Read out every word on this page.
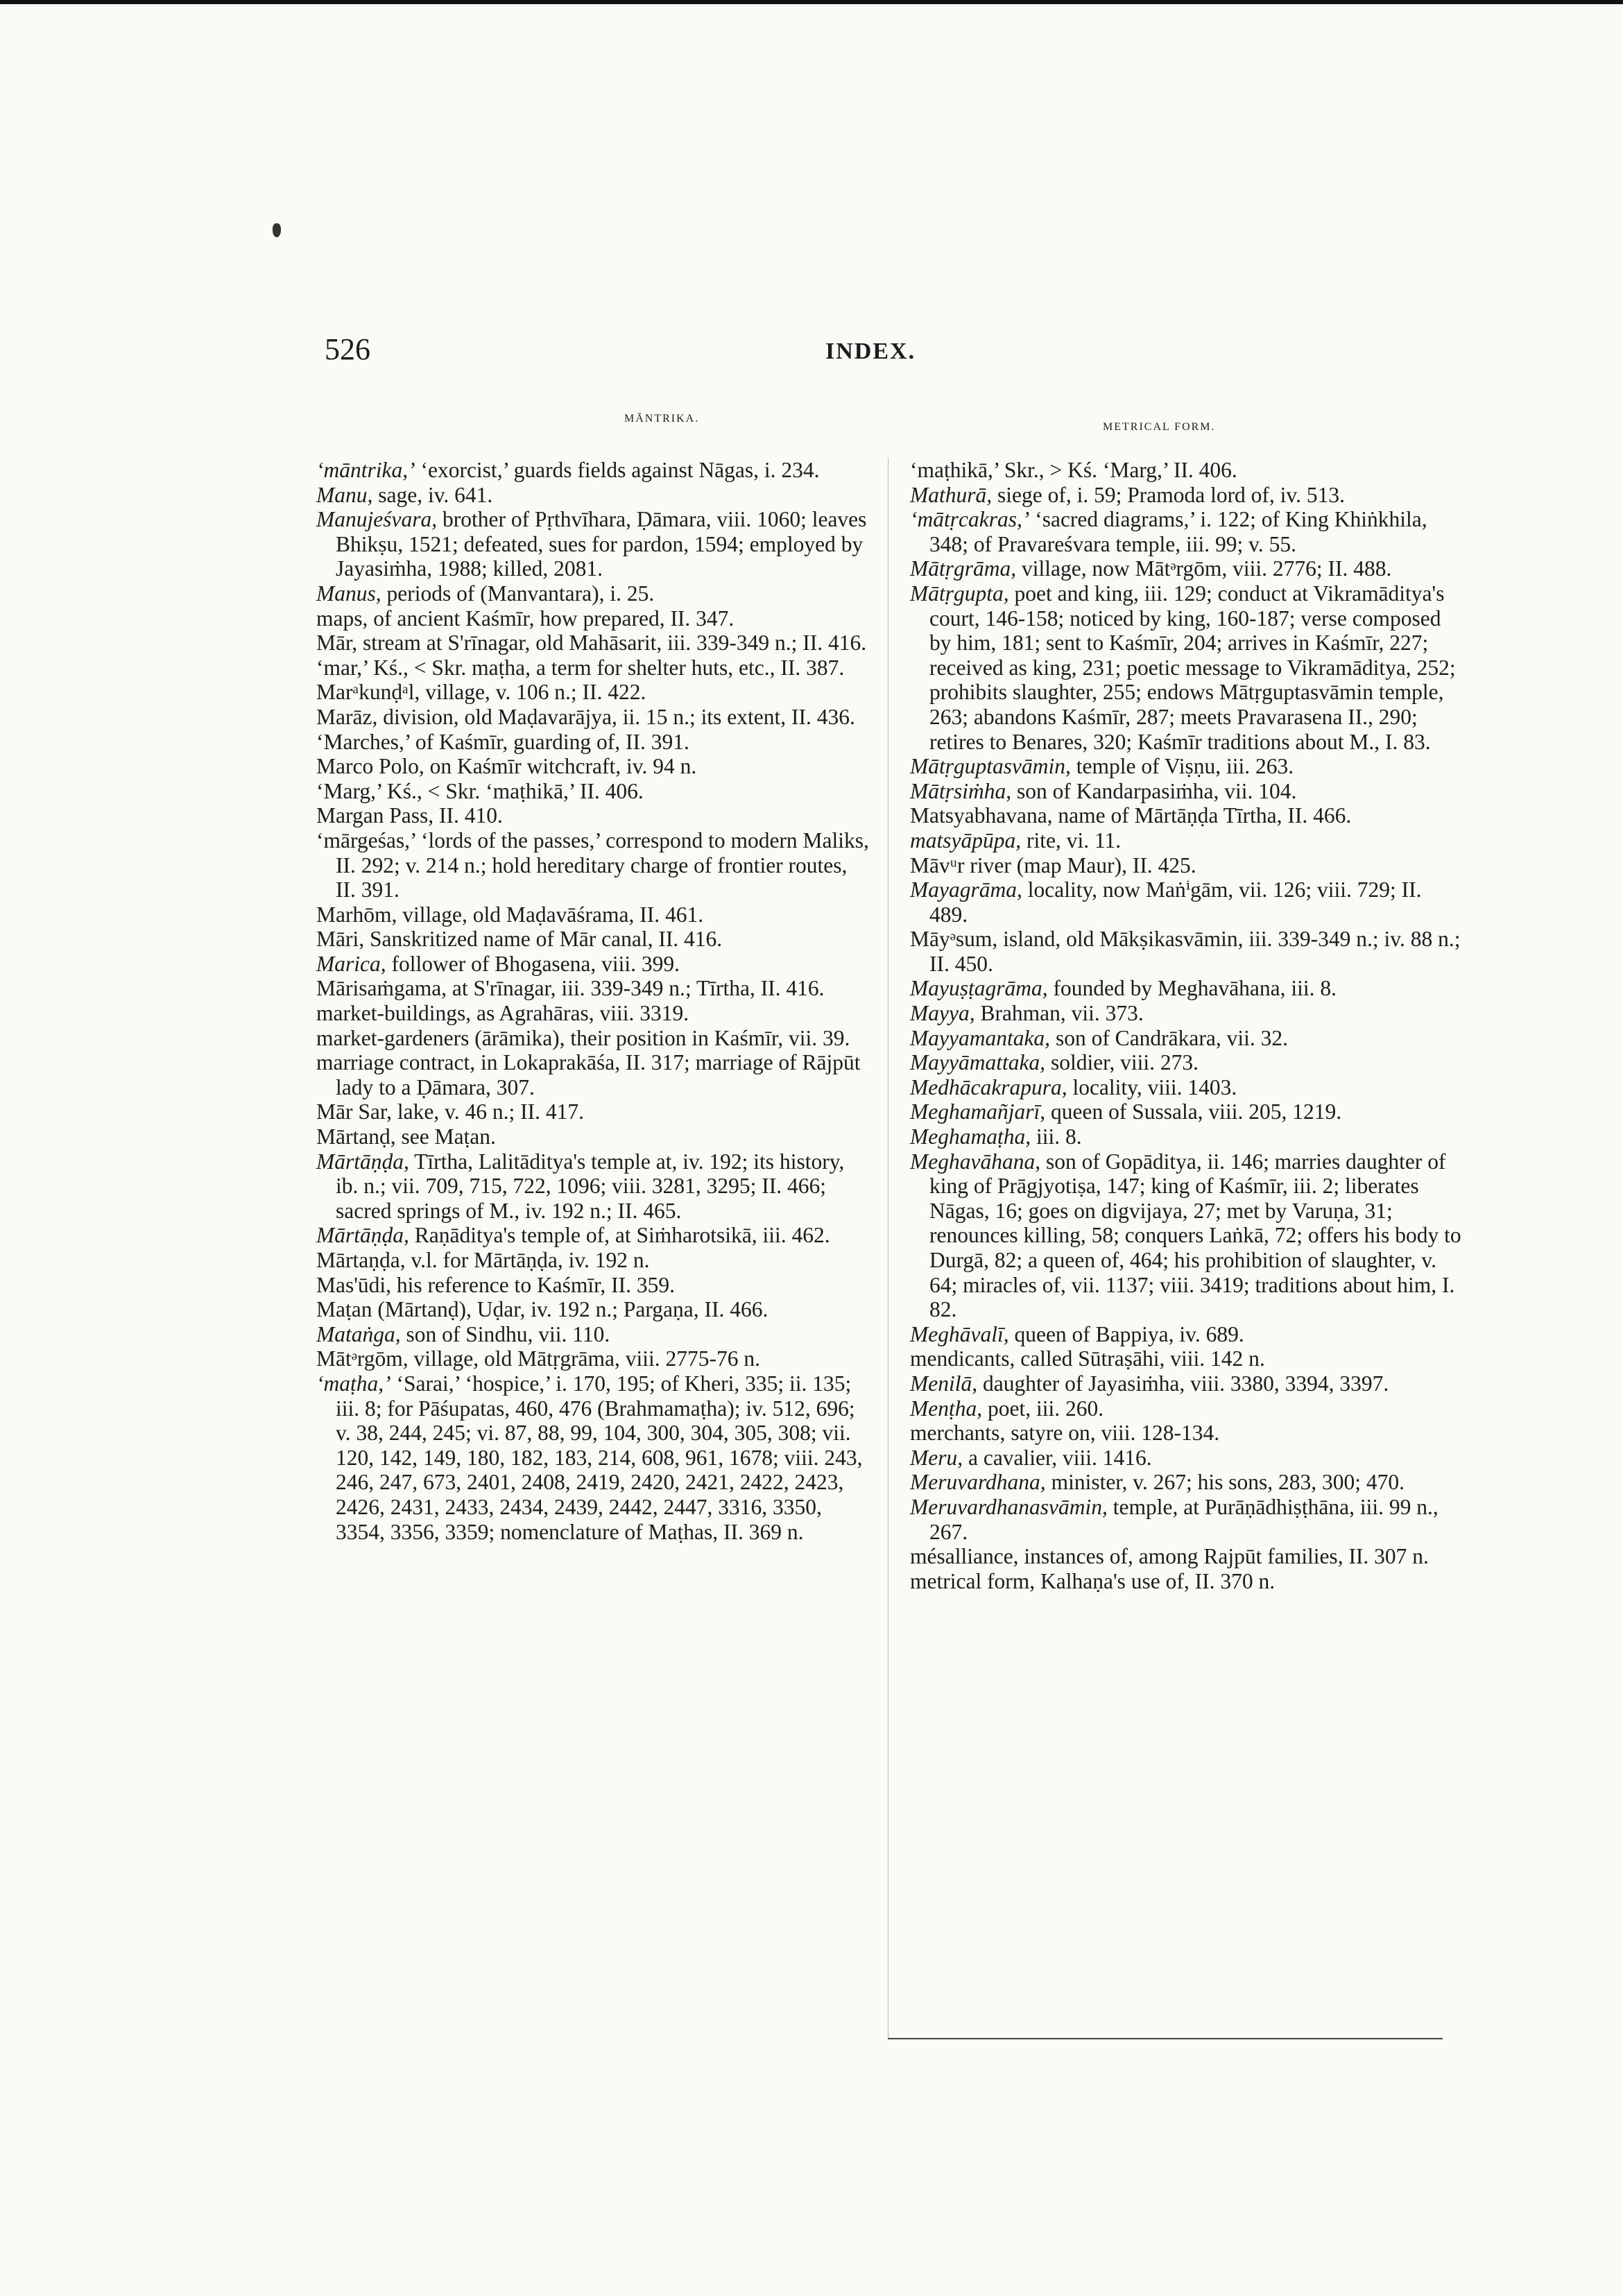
526	INDEX.
MĀNTRIKA.
METRICAL FORM.

‘māntrika,’ ‘exorcist,’ guards fields against Nāgas, i. 234.

Manu, sage, iv. 641.

Manujeśvara, brother of Pṛthvīhara, Ḍāmara, viii. 1060; leaves Bhikṣu, 1521; defeated, sues for pardon, 1594; employed by Jayasiṁha, 1988; killed, 2081.

Manus, periods of (Manvantara), i. 25.

maps, of ancient Kaśmīr, how prepared, II. 347.

Mār, stream at S'rīnagar, old Mahāsarit, iii. 339-349 n.; II. 416.

‘mar,’ Kś., < Skr. maṭha, a term for shelter huts, etc., II. 387.

Marᵃkunḍᵃl, village, v. 106 n.; II. 422.

Marāz, division, old Maḍavarājya, ii. 15 n.; its extent, II. 436.

‘Marches,’ of Kaśmīr, guarding of, II. 391.

Marco Polo, on Kaśmīr witchcraft, iv. 94 n.

‘Marg,’ Kś., < Skr. ‘maṭhikā,’ II. 406.

Margan Pass, II. 410.

‘mārgeśas,’ ‘lords of the passes,’ correspond to modern Maliks, II. 292; v. 214 n.; hold hereditary charge of frontier routes, II. 391.

Marhōm, village, old Maḍavāśrama, II. 461.

Māri, Sanskritized name of Mār canal, II. 416.

Marica, follower of Bhogasena, viii. 399.

Mārisaṁgama, at S'rīnagar, iii. 339-349 n.; Tīrtha, II. 416.

market-buildings, as Agrahāras, viii. 3319.

market-gardeners (ārāmika), their position in Kaśmīr, vii. 39.

marriage contract, in Lokaprakāśa, II. 317; marriage of Rājpūt lady to a Ḍāmara, 307.

Mār Sar, lake, v. 46 n.; II. 417.

Mārtanḍ, see Maṭan.

Mārtāṇḍa, Tīrtha, Lalitāditya's temple at, iv. 192; its history, ib. n.; vii. 709, 715, 722, 1096; viii. 3281, 3295; II. 466; sacred springs of M., iv. 192 n.; II. 465.

Mārtāṇḍa, Raṇāditya's temple of, at Siṁharotsikā, iii. 462.

Mārtaṇḍa, v.l. for Mārtāṇḍa, iv. 192 n.

Mas'ūdi, his reference to Kaśmīr, II. 359.

Maṭan (Mārtanḍ), Uḍar, iv. 192 n.; Pargaṇa, II. 466.

Mataṅga, son of Sindhu, vii. 110.

Mātᵊrgōm, village, old Mātṛgrāma, viii. 2775-76 n.

‘maṭha,’ ‘Sarai,’ ‘hospice,’ i. 170, 195; of Kheri, 335; ii. 135; iii. 8; for Pāśupatas, 460, 476 (Brahmamaṭha); iv. 512, 696; v. 38, 244, 245; vi. 87, 88, 99, 104, 300, 304, 305, 308; vii. 120, 142, 149, 180, 182, 183, 214, 608, 961, 1678; viii. 243, 246, 247, 673, 2401, 2408, 2419, 2420, 2421, 2422, 2423, 2426, 2431, 2433, 2434, 2439, 2442, 2447, 3316, 3350, 3354, 3356, 3359; nomenclature of Maṭhas, II. 369 n.

‘maṭhikā,’ Skr., > Kś. ‘Marg,’ II. 406.

Mathurā, siege of, i. 59; Pramoda lord of, iv. 513.

‘mātṛcakras,’ ‘sacred diagrams,’ i. 122; of King Khiṅkhila, 348; of Pravareśvara temple, iii. 99; v. 55.

Mātṛgrāma, village, now Mātᵊrgōm, viii. 2776; II. 488.

Mātṛgupta, poet and king, iii. 129; conduct at Vikramāditya's court, 146-158; noticed by king, 160-187; verse composed by him, 181; sent to Kaśmīr, 204; arrives in Kaśmīr, 227; received as king, 231; poetic message to Vikramāditya, 252; prohibits slaughter, 255; endows Mātṛguptasvāmin temple, 263; abandons Kaśmīr, 287; meets Pravarasena II., 290; retires to Benares, 320; Kaśmīr traditions about M., I. 83.

Mātṛguptasvāmin, temple of Viṣṇu, iii. 263.

Mātṛsiṁha, son of Kandarpasiṁha, vii. 104.

Matsyabhavana, name of Mārtāṇḍa Tīrtha, II. 466.

matsyāpūpa, rite, vi. 11.

Māvᵘr river (map Maur), II. 425.

Mayagrāma, locality, now Maṅⁱgām, vii. 126; viii. 729; II. 489.

Māyᵊsum, island, old Mākṣikasvāmin, iii. 339-349 n.; iv. 88 n.; II. 450.

Mayuṣṭagrāma, founded by Meghavāhana, iii. 8.

Mayya, Brahman, vii. 373.

Mayyamantaka, son of Candrākara, vii. 32.

Mayyāmattaka, soldier, viii. 273.

Medhācakrapura, locality, viii. 1403.

Meghamañjarī, queen of Sussala, viii. 205, 1219.

Meghamaṭha, iii. 8.

Meghavāhana, son of Gopāditya, ii. 146; marries daughter of king of Prāgjyotiṣa, 147; king of Kaśmīr, iii. 2; liberates Nāgas, 16; goes on digvijaya, 27; met by Varuṇa, 31; renounces killing, 58; conquers Laṅkā, 72; offers his body to Durgā, 82; a queen of, 464; his prohibition of slaughter, v. 64; miracles of, vii. 1137; viii. 3419; traditions about him, I. 82.

Meghāvalī, queen of Bappiya, iv. 689.

mendicants, called Sūtraṣāhi, viii. 142 n.

Menilā, daughter of Jayasiṁha, viii. 3380, 3394, 3397.

Menṭha, poet, iii. 260.

merchants, satyre on, viii. 128-134.

Meru, a cavalier, viii. 1416.

Meruvardhana, minister, v. 267; his sons, 283, 300; 470.

Meruvardhanasvāmin, temple, at Purāṇādhiṣṭhāna, iii. 99 n., 267.

mésalliance, instances of, among Rajpūt families, II. 307 n.

metrical form, Kalhaṇa's use of, II. 370 n.
